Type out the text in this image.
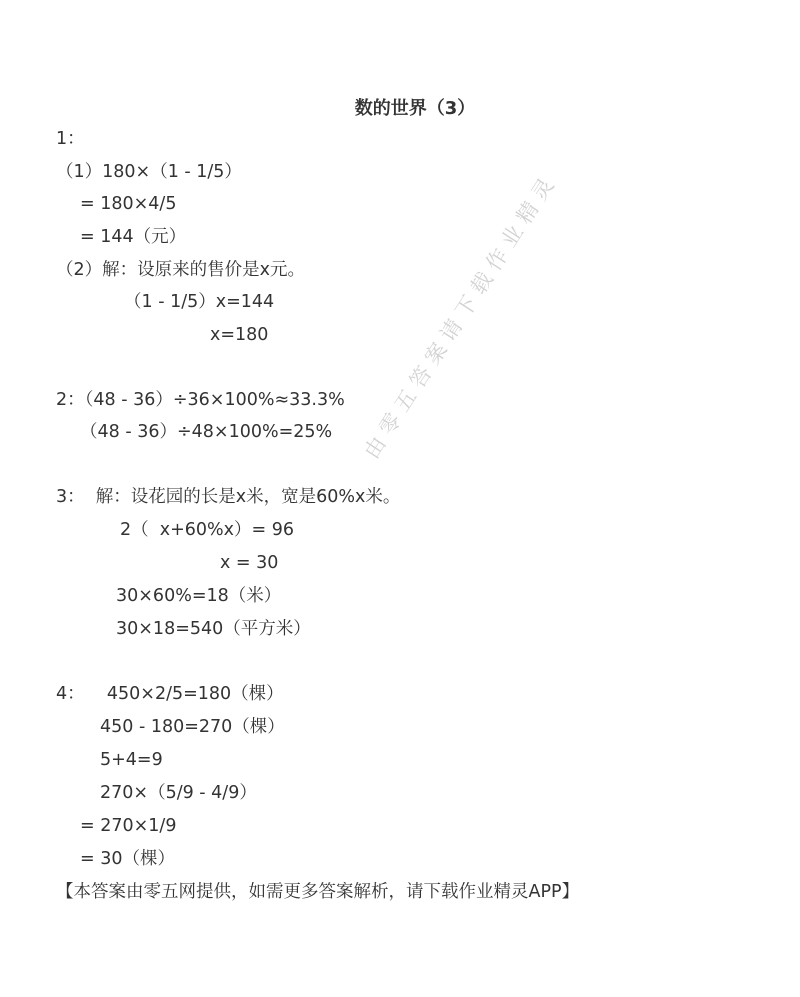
数的世界（3）
1：
（1）180×（1 - 1/5）
= 180×4/5
= 144（元）
（2）解：设原来的售价是x元。
（1 - 1/5）x=144
x=180
2：（48 - 36）÷36×100%≈33.3%
（48 - 36）÷48×100%=25%
3：  解：设花园的长是x米，宽是60%x米。
2（  x+60%x）= 96
x = 30
30×60%=18（米）
30×18=540（平方米）
4：    450×2/5=180（棵）
450 - 180=270（棵）
5+4=9
270×（5/9 - 4/9）
= 270×1/9
= 30（棵）
【本答案由零五网提供，如需更多答案解析，请下载作业精灵APP】
由零五答案请下载作业精灵
